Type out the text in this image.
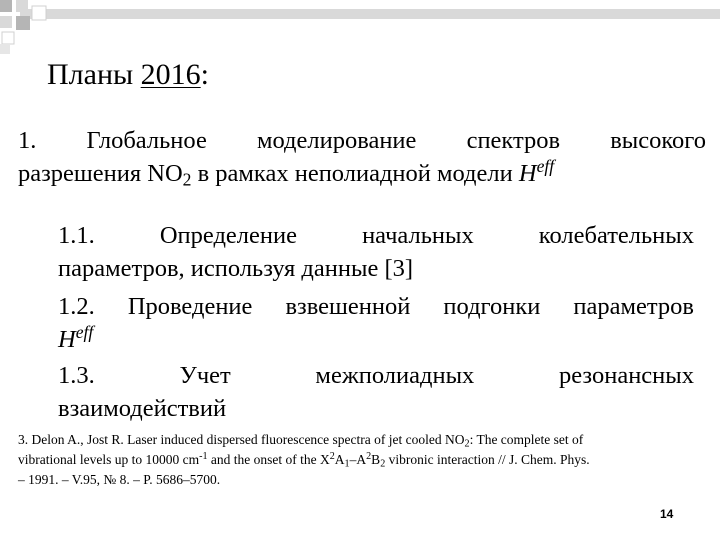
Планы 2016:
1. Глобальное моделирование спектров высокого
разрешения $NO_2$ в рамках неполиадной модели $H^{eff}$
1.1. Определение начальных колебательных
параметров, используя данные [3]
1.2. Проведение взвешенной подгонки параметров
$H^{eff}$
1.3. Учет межполиадных резонансных
взаимодействий
3. Delon A., Jost R. Laser induced dispersed fluorescence spectra of jet cooled $NO_2$: The complete set of
vibrational levels up to 10000 $cm^{-1}$ and the onset of the $X^2A_1-A^2B_2$ vibronic interaction // J. Chem. Phys.
– 1991. – V.95, № 8. – P. 5686–5700.
14
